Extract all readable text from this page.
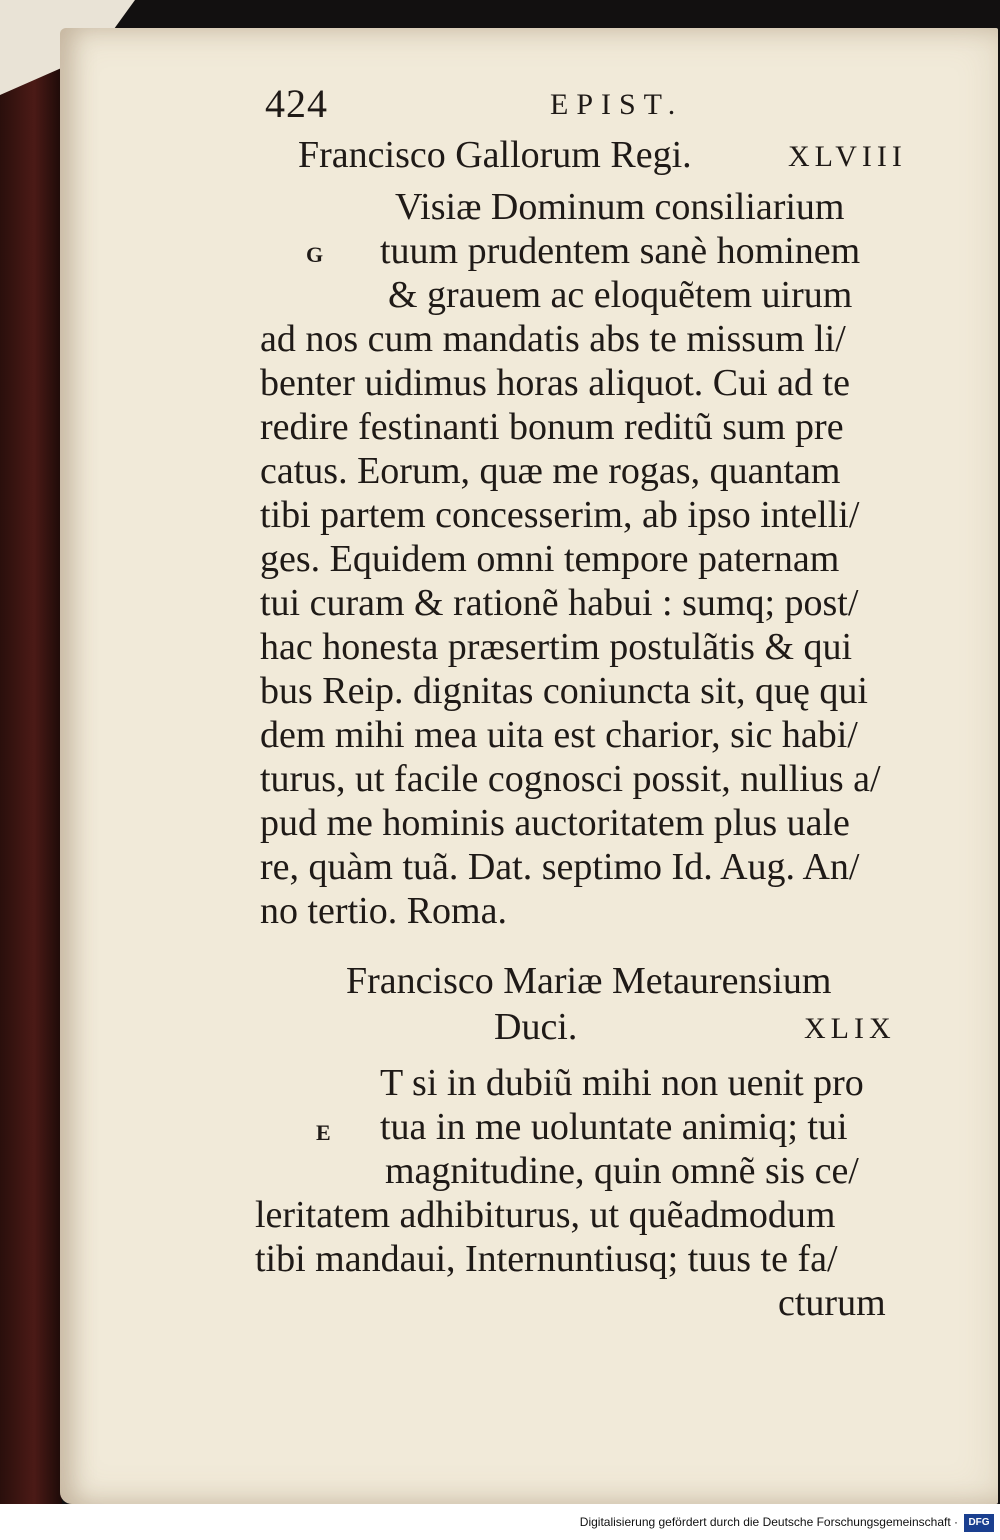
424	EPIST.
Francisco Gallorum Regi.	XLVIII
G
Visiæ Dominum consiliarium
tuum prudentem sanè hominem
& grauem ac eloquẽtem uirum
ad nos cum mandatis abs te missum li/
benter uidimus horas aliquot. Cui ad te
redire festinanti bonum reditũ sum pre
catus. Eorum, quæ me rogas, quantam
tibi partem concesserim, ab ipso intelli/
ges. Equidem omni tempore paternam
tui curam & rationẽ habui : sumq; post/
hac honesta præsertim postulãtis & qui
bus Reip. dignitas coniuncta sit, quę qui
dem mihi mea uita est charior, sic habi/
turus, ut facile cognosci possit, nullius a/
pud me hominis auctoritatem plus uale
re, quàm tuã. Dat. septimo Id. Aug. An/
no tertio. Roma.
Francisco Mariæ Metaurensium
Duci.	XLIX
E
T si in dubiũ mihi non uenit pro
tua in me uoluntate animiq; tui
magnitudine, quin omnẽ sis ce/
leritatem adhibiturus, ut quẽadmodum
tibi mandaui, Internuntiusq; tuus te fa/
cturum
Digitalisierung gefördert durch die Deutsche Forschungsgemeinschaft ·	DFG
